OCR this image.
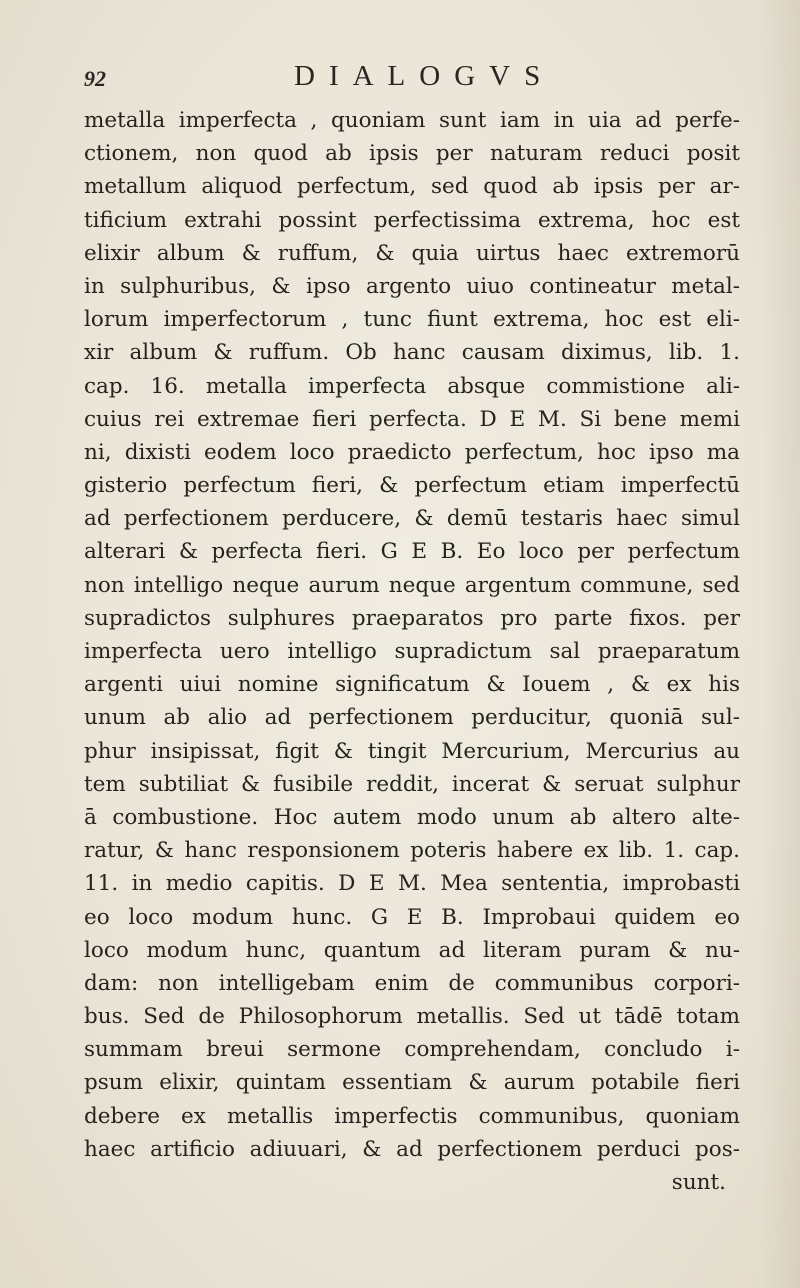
92	DIALOGVS
metalla imperfecta , quoniam sunt iam in uia ad perfe-
ctionem, non quod ab ipsis per naturam reduci posit
metallum aliquod perfectum, sed quod ab ipsis per ar-
tificium extrahi possint perfectissima extrema, hoc est
elixir album & ruffum, & quia uirtus haec extremorū
in sulphuribus, & ipso argento uiuo contineatur metal-
lorum imperfectorum , tunc fiunt extrema, hoc est eli-
xir album & ruffum. Ob hanc causam diximus, lib. 1.
cap. 16. metalla imperfecta absque commistione ali-
cuius rei extremae fieri perfecta. D E M. Si bene memi
ni, dixisti eodem loco praedicto perfectum, hoc ipso ma
gisterio perfectum fieri, & perfectum etiam imperfectū
ad perfectionem perducere, & demū testaris haec simul
alterari & perfecta fieri. G E B. Eo loco per perfectum
non intelligo neque aurum neque argentum commune, sed
supradictos sulphures praeparatos pro parte fixos. per
imperfecta uero intelligo supradictum sal praeparatum
argenti uiui nomine significatum & Iouem , & ex his
unum ab alio ad perfectionem perducitur, quoniā sul-
phur insipissat, figit & tingit Mercurium, Mercurius au
tem subtiliat & fusibile reddit, incerat & seruat sulphur
ā combustione. Hoc autem modo unum ab altero alte-
ratur, & hanc responsionem poteris habere ex lib. 1. cap.
11. in medio capitis. D E M. Mea sententia, improbasti
eo loco modum hunc. G E B. Improbaui quidem eo
loco modum hunc, quantum ad literam puram & nu-
dam: non intelligebam enim de communibus corpori-
bus. Sed de Philosophorum metallis. Sed ut tādē totam
summam breui sermone comprehendam, concludo i-
psum elixir, quintam essentiam & aurum potabile fieri
debere ex metallis imperfectis communibus, quoniam
haec artificio adiuuari, & ad perfectionem perduci pos-
sunt.
